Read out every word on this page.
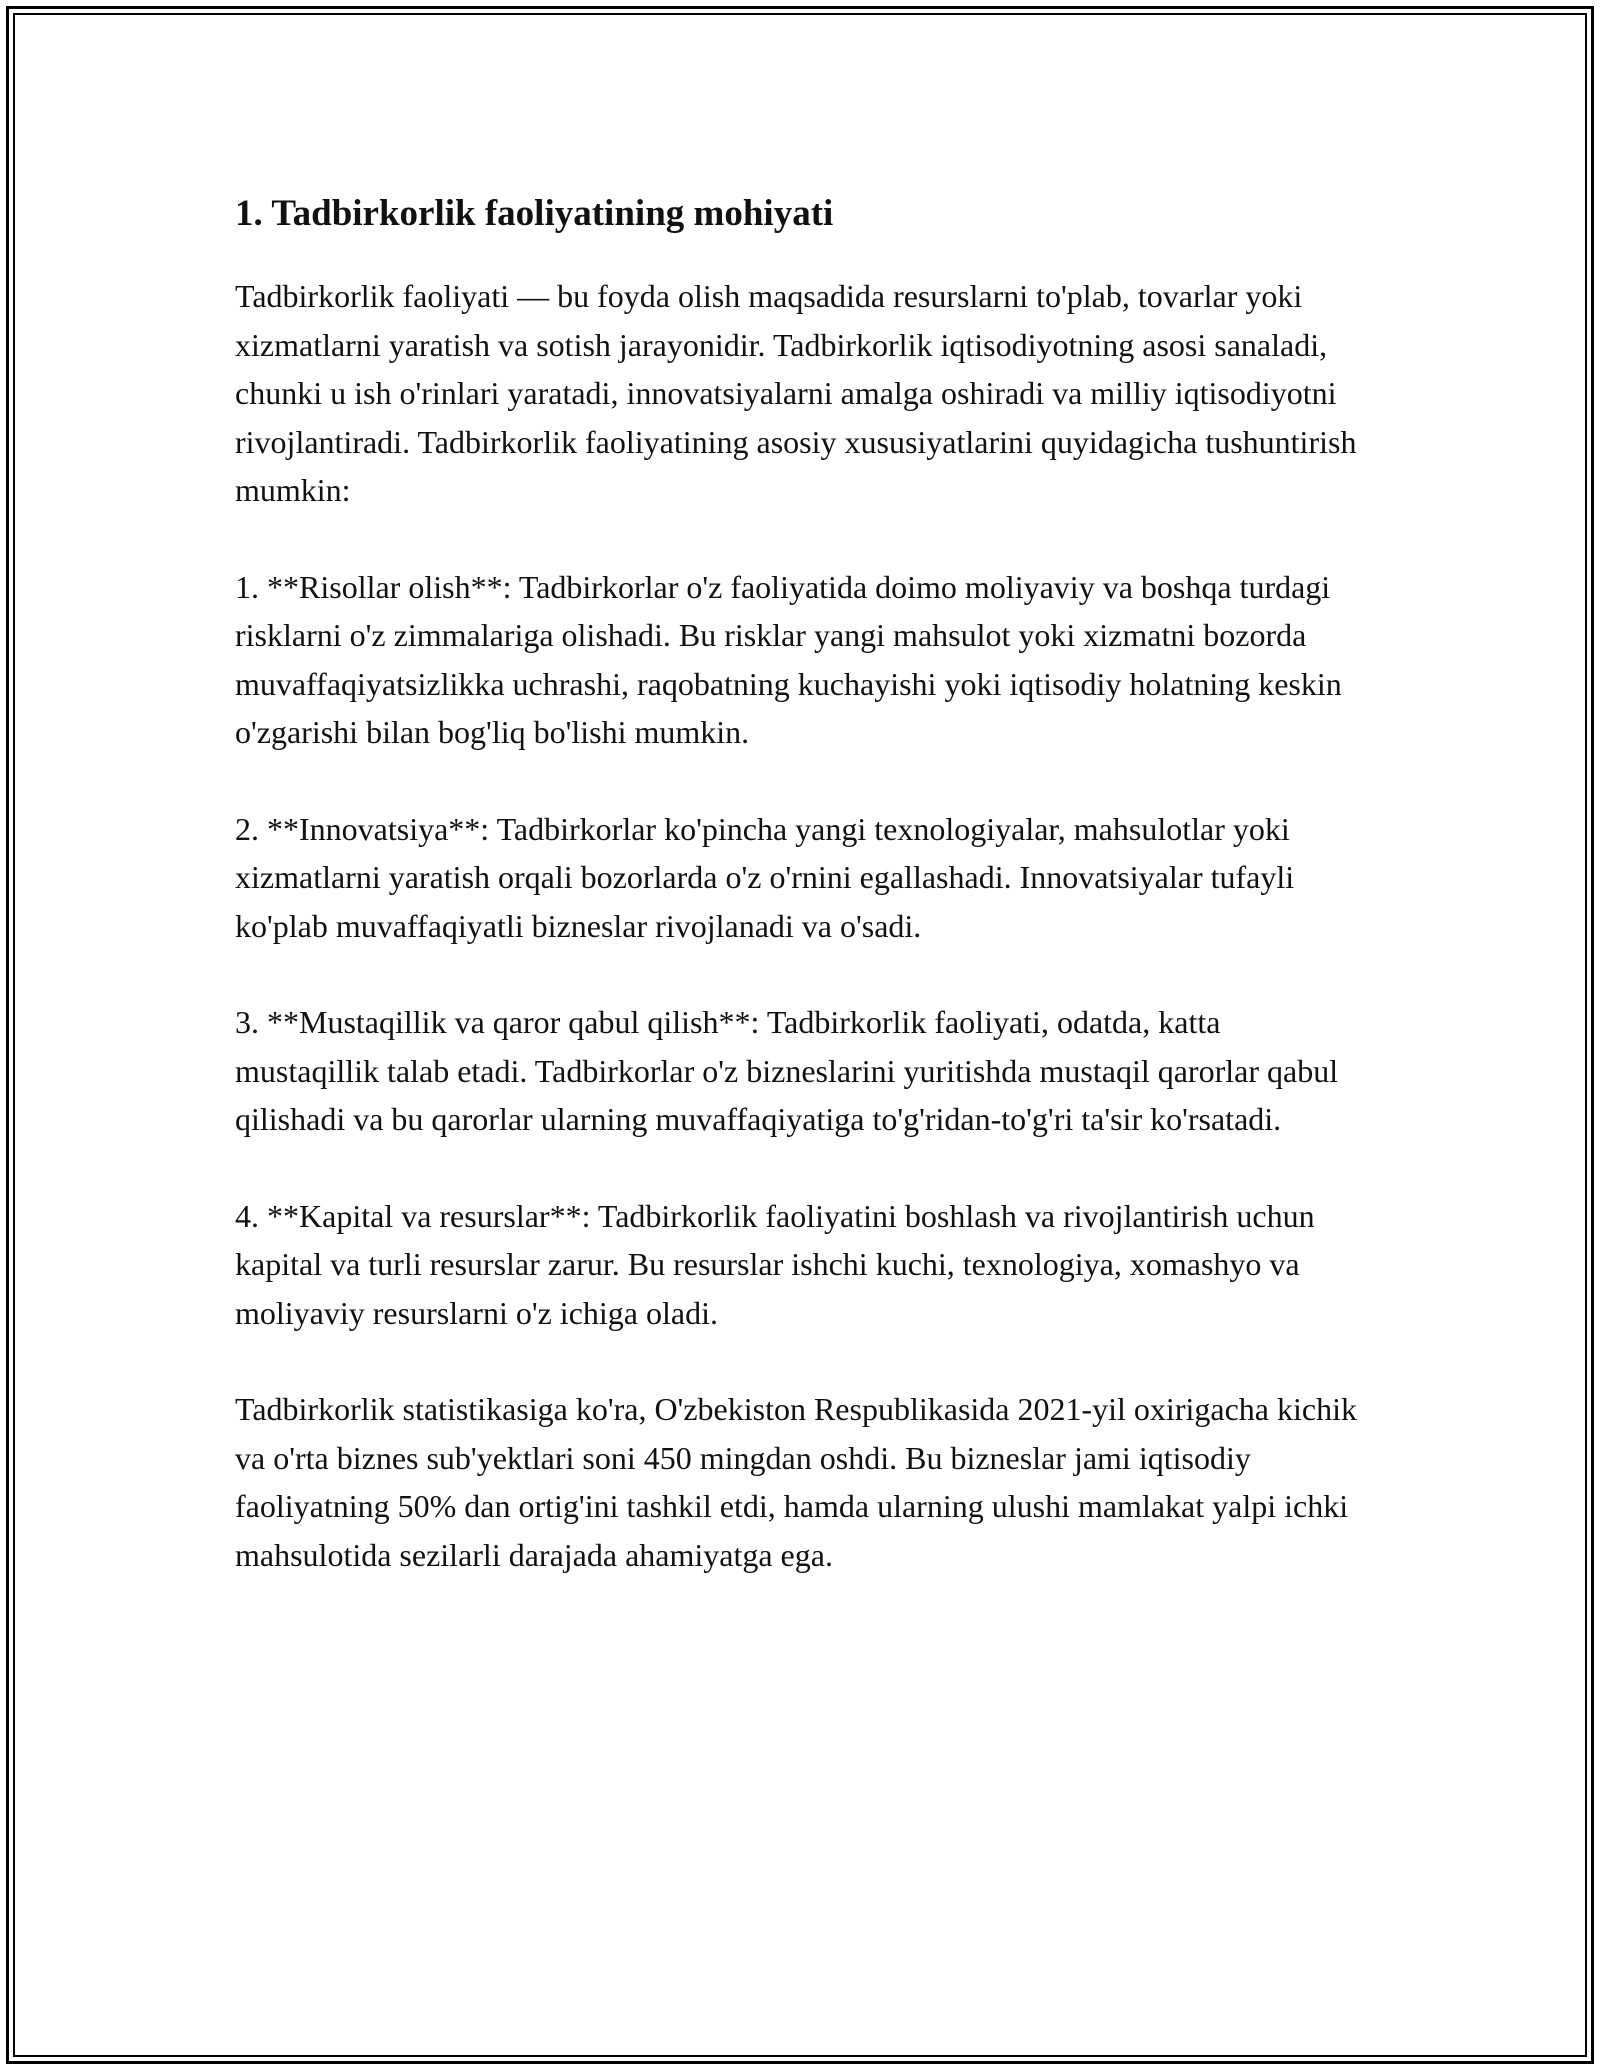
1. Tadbirkorlik faoliyatining mohiyati

Tadbirkorlik faoliyati — bu foyda olish maqsadida resurslarni to'plab, tovarlar yoki xizmatlarni yaratish va sotish jarayonidir. Tadbirkorlik iqtisodiyotning asosi sanaladi, chunki u ish o'rinlari yaratadi, innovatsiyalarni amalga oshiradi va milliy iqtisodiyotni rivojlantiradi. Tadbirkorlik faoliyatining asosiy xususiyatlarini quyidagicha tushuntirish mumkin:

1. **Risollar olish**: Tadbirkorlar o'z faoliyatida doimo moliyaviy va boshqa turdagi risklarni o'z zimmalariga olishadi. Bu risklar yangi mahsulot yoki xizmatni bozorda muvaffaqiyatsizlikka uchrashi, raqobatning kuchayishi yoki iqtisodiy holatning keskin o'zgarishi bilan bog'liq bo'lishi mumkin.

2. **Innovatsiya**: Tadbirkorlar ko'pincha yangi texnologiyalar, mahsulotlar yoki xizmatlarni yaratish orqali bozorlarda o'z o'rnini egallashadi. Innovatsiyalar tufayli ko'plab muvaffaqiyatli bizneslar rivojlanadi va o'sadi.

3. **Mustaqillik va qaror qabul qilish**: Tadbirkorlik faoliyati, odatda, katta mustaqillik talab etadi. Tadbirkorlar o'z bizneslarini yuritishda mustaqil qarorlar qabul qilishadi va bu qarorlar ularning muvaffaqiyatiga to'g'ridan-to'g'ri ta'sir ko'rsatadi.

4. **Kapital va resurslar**: Tadbirkorlik faoliyatini boshlash va rivojlantirish uchun kapital va turli resurslar zarur. Bu resurslar ishchi kuchi, texnologiya, xomashyo va moliyaviy resurslarni o'z ichiga oladi.

Tadbirkorlik statistikasiga ko'ra, O'zbekiston Respublikasida 2021-yil oxirigacha kichik va o'rta biznes sub'yektlari soni 450 mingdan oshdi. Bu bizneslar jami iqtisodiy faoliyatning 50% dan ortig'ini tashkil etdi, hamda ularning ulushi mamlakat yalpi ichki mahsulotida sezilarli darajada ahamiyatga ega.
